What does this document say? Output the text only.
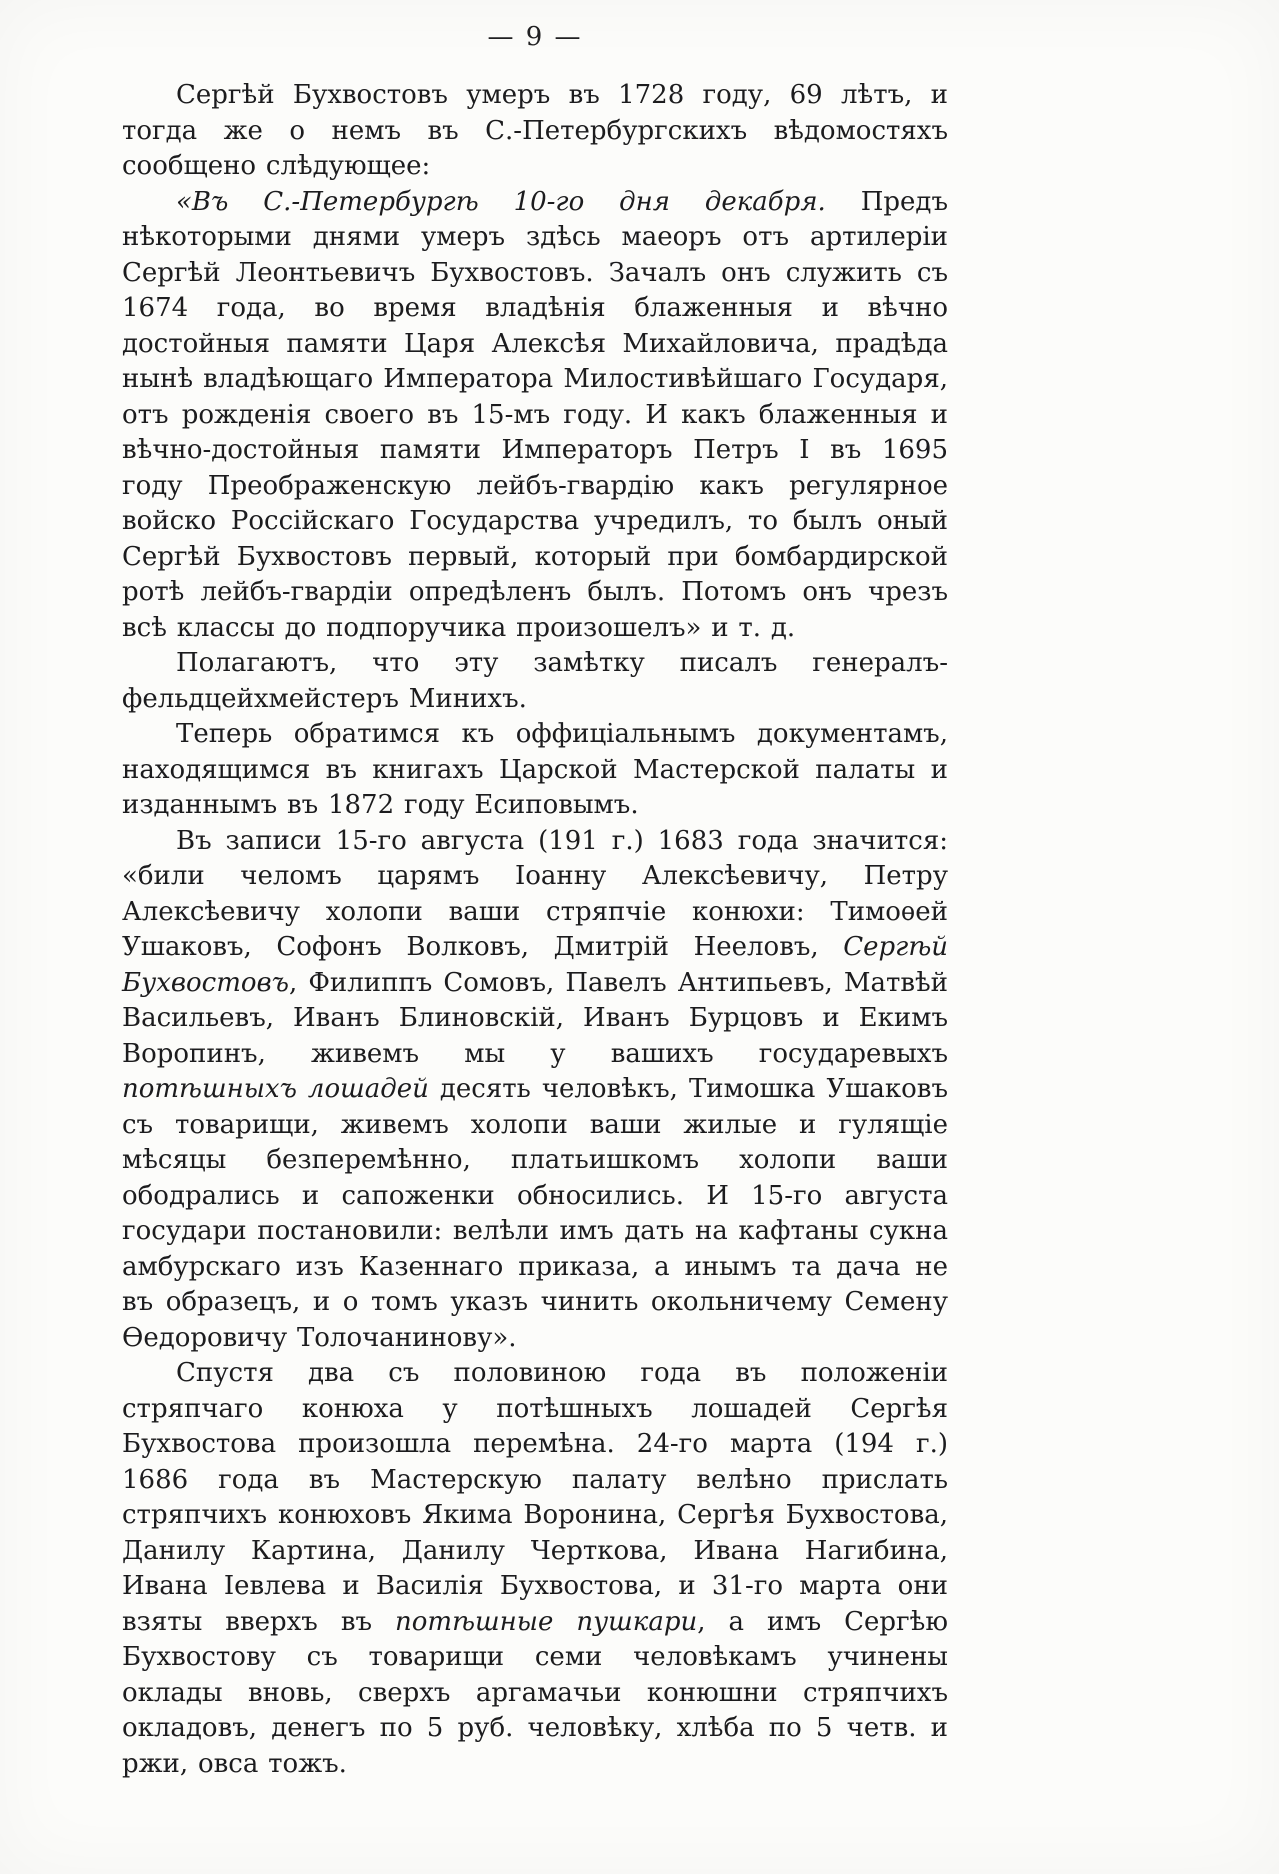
— 9 —

Сергѣй Бухвостовъ умеръ въ 1728 году, 69 лѣтъ, и тогда же о немъ въ С.-Петербургскихъ вѣдомостяхъ сообщено слѣдующее:

«Въ С.-Петербургѣ 10-го дня декабря. Предъ нѣкоторыми днями умеръ здѣсь маеоръ отъ артилеріи Сергѣй Леонтьевичъ Бухвостовъ. Зачалъ онъ служить съ 1674 года, во время владѣнія блаженныя и вѣчно достойныя памяти Царя Алексѣя Михайловича, прадѣда нынѣ владѣющаго Императора Милостивѣйшаго Государя, отъ рожденія своего въ 15-мъ году. И какъ блаженныя и вѣчно-достойныя памяти Императоръ Петръ I въ 1695 году Преображенскую лейбъ-гвардію какъ регулярное войско Россійскаго Государства учредилъ, то былъ оный Сергѣй Бухвостовъ первый, который при бомбардирской ротѣ лейбъ-гвардіи опредѣленъ былъ. Потомъ онъ чрезъ всѣ классы до подпоручика произошелъ» и т. д.

Полагаютъ, что эту замѣтку писалъ генералъ-фельдцейхмейстеръ Минихъ.

Теперь обратимся къ оффиціальнымъ документамъ, находящимся въ книгахъ Царской Мастерской палаты и изданнымъ въ 1872 году Есиповымъ.

Въ записи 15-го августа (191 г.) 1683 года значится: «били челомъ царямъ Іоанну Алексѣевичу, Петру Алексѣевичу холопи ваши стряпчіе конюхи: Тимоѳей Ушаковъ, Софонъ Волковъ, Дмитрій Нееловъ, Сергѣй Бухвостовъ, Филиппъ Сомовъ, Павелъ Антипьевъ, Матвѣй Васильевъ, Иванъ Блиновскій, Иванъ Бурцовъ и Екимъ Воропинъ, живемъ мы у вашихъ государевыхъ потѣшныхъ лошадей десять человѣкъ, Тимошка Ушаковъ съ товарищи, живемъ холопи ваши жилые и гулящіе мѣсяцы безперемѣнно, платьишкомъ холопи ваши ободрались и сапоженки обносились. И 15-го августа государи постановили: велѣли имъ дать на кафтаны сукна амбурскаго изъ Казеннаго приказа, а инымъ та дача не въ образецъ, и о томъ указъ чинить окольничему Семену Ѳедоровичу Толочанинову».

Спустя два съ половиною года въ положеніи стряпчаго конюха у потѣшныхъ лошадей Сергѣя Бухвостова произошла перемѣна. 24-го марта (194 г.) 1686 года въ Мастерскую палату велѣно прислать стряпчихъ конюховъ Якима Воронина, Сергѣя Бухвостова, Данилу Картина, Данилу Черткова, Ивана Нагибина, Ивана Іевлева и Василія Бухвостова, и 31-го марта они взяты вверхъ въ потѣшные пушкари, а имъ Сергѣю Бухвостову съ товарищи семи человѣкамъ учинены оклады вновь, сверхъ аргамачьи конюшни стряпчихъ окладовъ, денегъ по 5 руб. человѣку, хлѣба по 5 четв. и ржи, овса тожъ.
